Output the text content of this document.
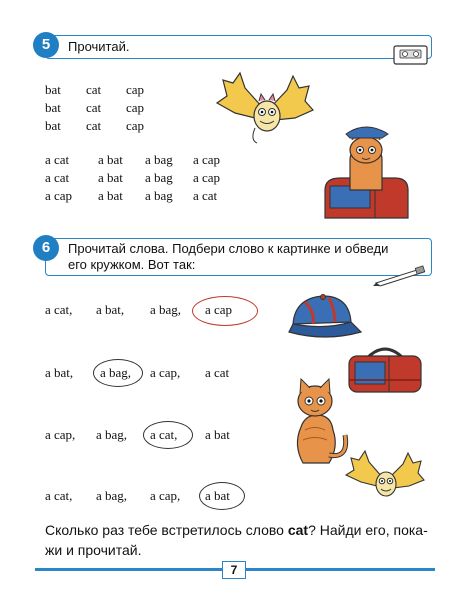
5	Прочитай.
bat cat cap
bat cat cap
bat cat cap
a cat a bat a bag a cap
a cat a bat a bag a cap
a cap a bat a bag a cat
6	Прочитай слова. Подбери слово к картинке и обведи
его кружком. Вот так:
a cat, a bat, a bag, a cap
a bat, a bag, a cap, a cat
a cap, a bag, a cat, a bat
a cat, a bag, a cap, a bat
Сколько раз тебе встретилось слово cat? Найди его, пока-
жи и прочитай.
7
